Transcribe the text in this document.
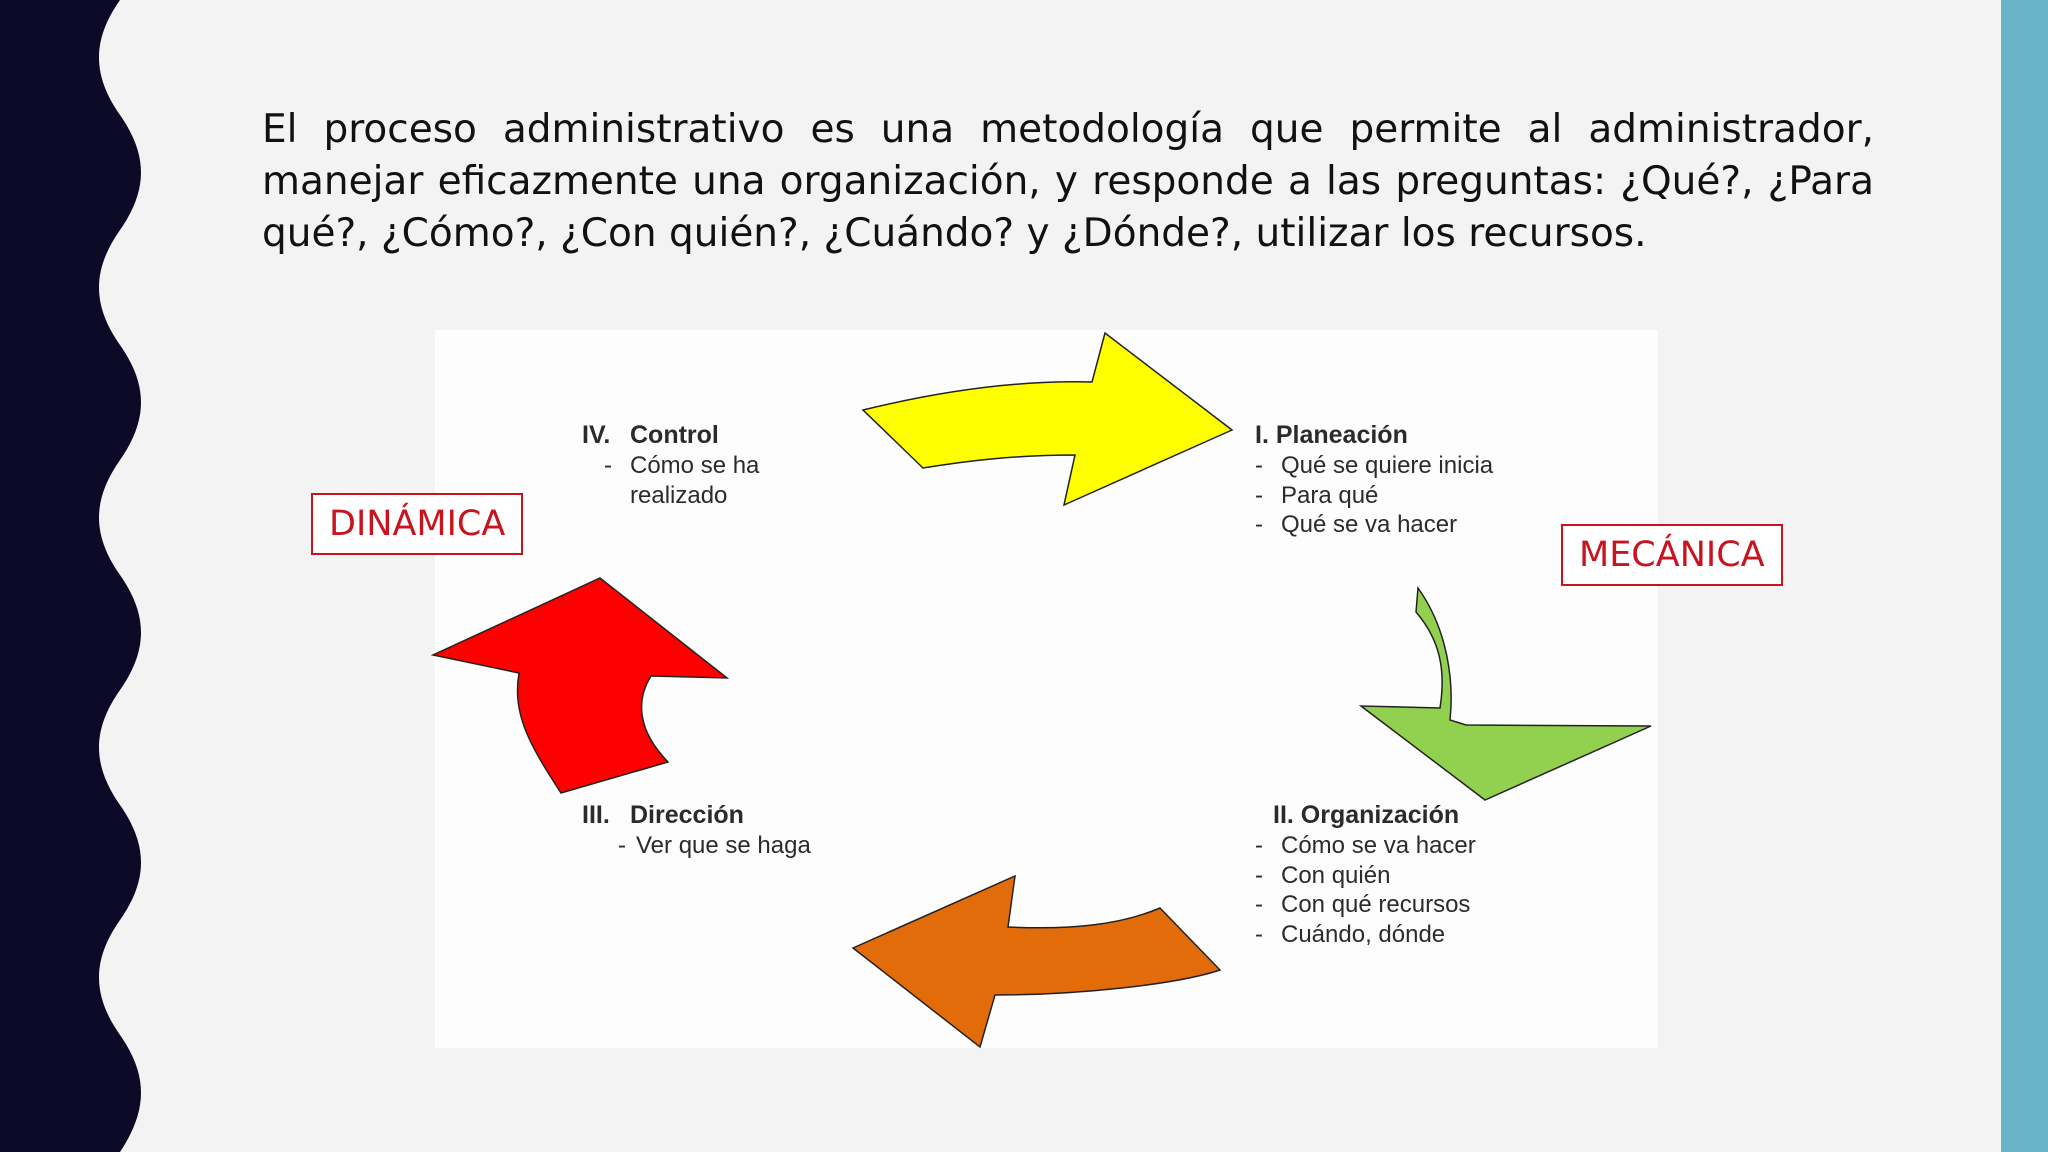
El proceso administrativo es una metodología que permite al administrador, manejar eficazmente una organización, y responde a las preguntas: ¿Qué?, ¿Para qué?, ¿Cómo?, ¿Con quién?, ¿Cuándo? y ¿Dónde?, utilizar los recursos.

I. Planeación
- Qué se quiere inicia
- Para qué
- Qué se va hacer
II. Organización
- Cómo se va hacer
- Con quién
- Con qué recursos
- Cuándo, dónde
III. Dirección
- Ver que se haga
IV. Control
- Cómo se ha realizado
DINÁMICA
MECÁNICA
